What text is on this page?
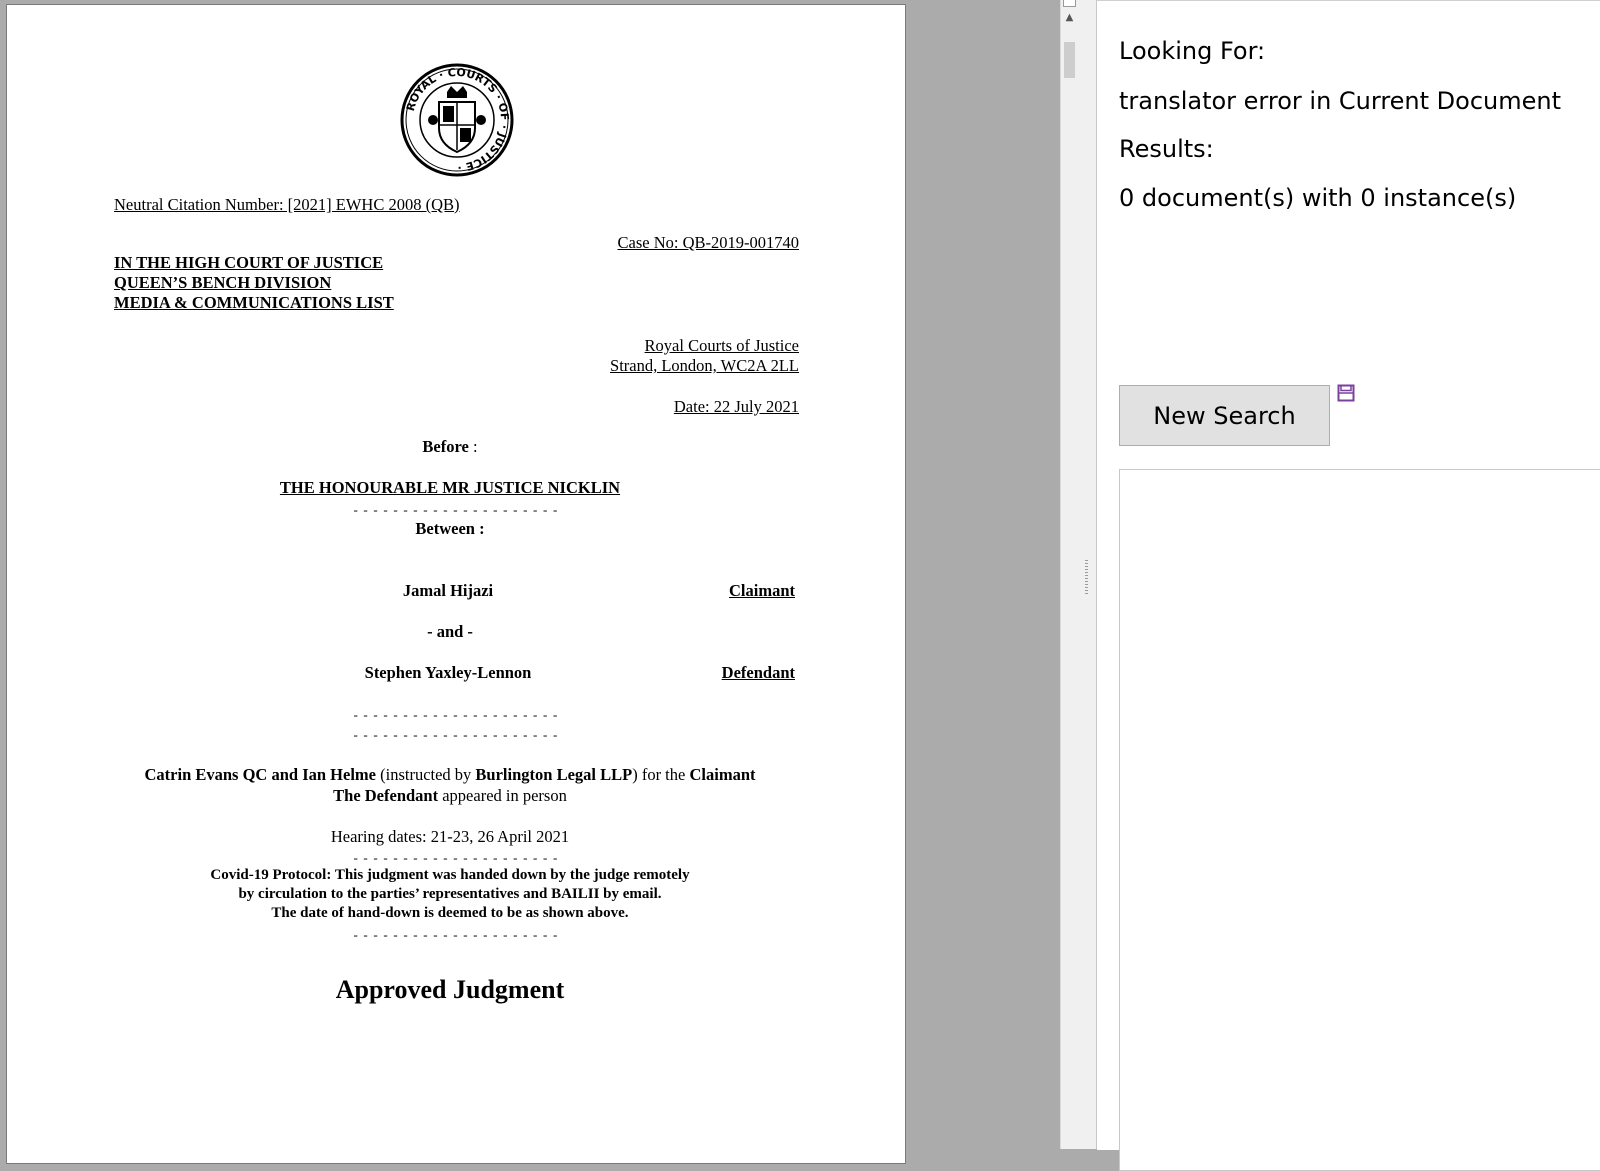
ROYAL · COURTS · OF · JUSTICE ·
Neutral Citation Number: [2021] EWHC 2008 (QB)
Case No: QB-2019-001740
IN THE HIGH COURT OF JUSTICE
QUEEN’S BENCH DIVISION
MEDIA & COMMUNICATIONS LIST
Royal Courts of Justice
Strand, London, WC2A 2LL
Date: 22 July 2021
Before :
THE HONOURABLE MR JUSTICE NICKLIN
- - - - - - - - - - - - - - - - - - - - -
Between :
Jamal Hijazi	Claimant
- and -
Stephen Yaxley-Lennon	Defendant
- - - - - - - - - - - - - - - - - - - - -
- - - - - - - - - - - - - - - - - - - - -
Catrin Evans QC and Ian Helme (instructed by Burlington Legal LLP) for the Claimant
The Defendant appeared in person
Hearing dates: 21-23, 26 April 2021
- - - - - - - - - - - - - - - - - - - - -
Covid-19 Protocol: This judgment was handed down by the judge remotely
by circulation to the parties’ representatives and BAILII by email.
The date of hand-down is deemed to be as shown above.
- - - - - - - - - - - - - - - - - - - - -
Approved Judgment
▲
Looking For:
translator error in Current Document
Results:
0 document(s) with 0 instance(s)
New Search
